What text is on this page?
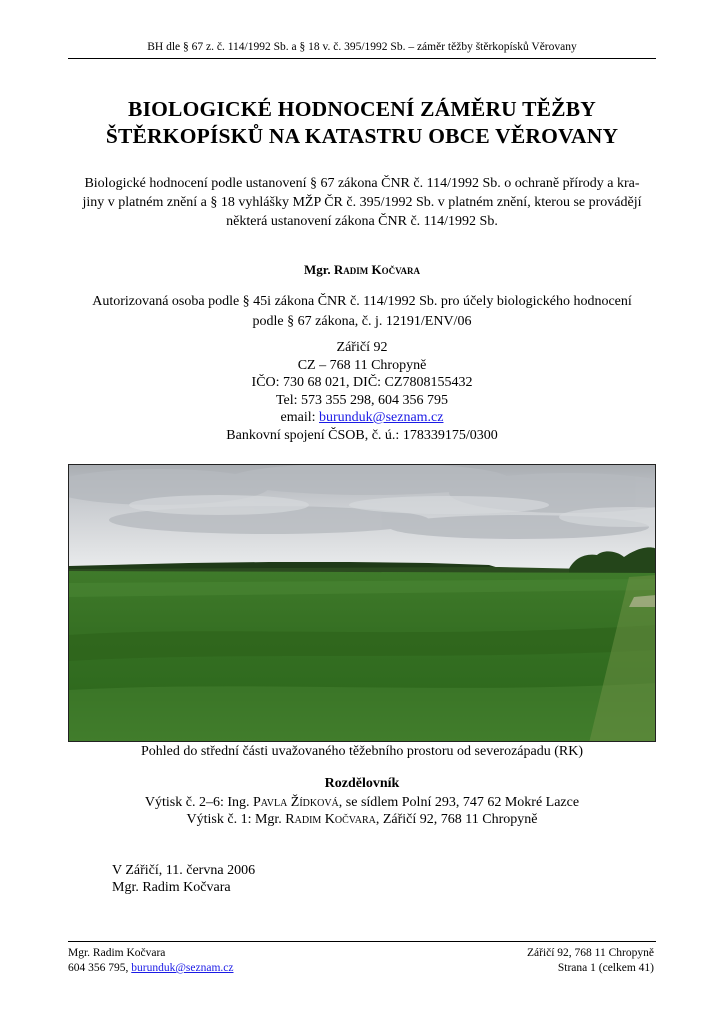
BH dle § 67 z. č. 114/1992 Sb. a § 18 v. č. 395/1992 Sb. – záměr těžby štěrkopísků Věrovany
BIOLOGICKÉ HODNOCENÍ ZÁMĚRU TĚŽBY
ŠTĚRKOPÍSKŮ NA KATASTRU OBCE VĚROVANY
Biologické hodnocení podle ustanovení § 67 zákona ČNR č. 114/1992 Sb. o ochraně přírody a kra-
jiny v platném znění a § 18 vyhlášky MŽP ČR č. 395/1992 Sb. v platném znění, kterou se provádějí
některá ustanovení zákona ČNR č. 114/1992 Sb.
Mgr. Radim Kočvara
Autorizovaná osoba podle § 45i zákona ČNR č. 114/1992 Sb. pro účely biologického hodnocení
podle § 67 zákona, č. j. 12191/ENV/06
Zářičí 92
CZ – 768 11 Chropyně
IČO: 730 68 021, DIČ: CZ7808155432
Tel: 573 355 298, 604 356 795
email: burunduk@seznam.cz
Bankovní spojení ČSOB, č. ú.: 178339175/0300
Pohled do střední části uvažovaného těžebního prostoru od severozápadu (RK)
Rozdělovník
Výtisk č. 2–6: Ing. Pavla Žídková, se sídlem Polní 293, 747 62 Mokré Lazce
Výtisk č. 1: Mgr. Radim Kočvara, Zářičí 92, 768 11 Chropyně
V Zářičí, 11. června 2006
Mgr. Radim Kočvara
Mgr. Radim Kočvara
604 356 795, burunduk@seznam.cz
Zářičí 92, 768 11 Chropyně
Strana 1 (celkem 41)
